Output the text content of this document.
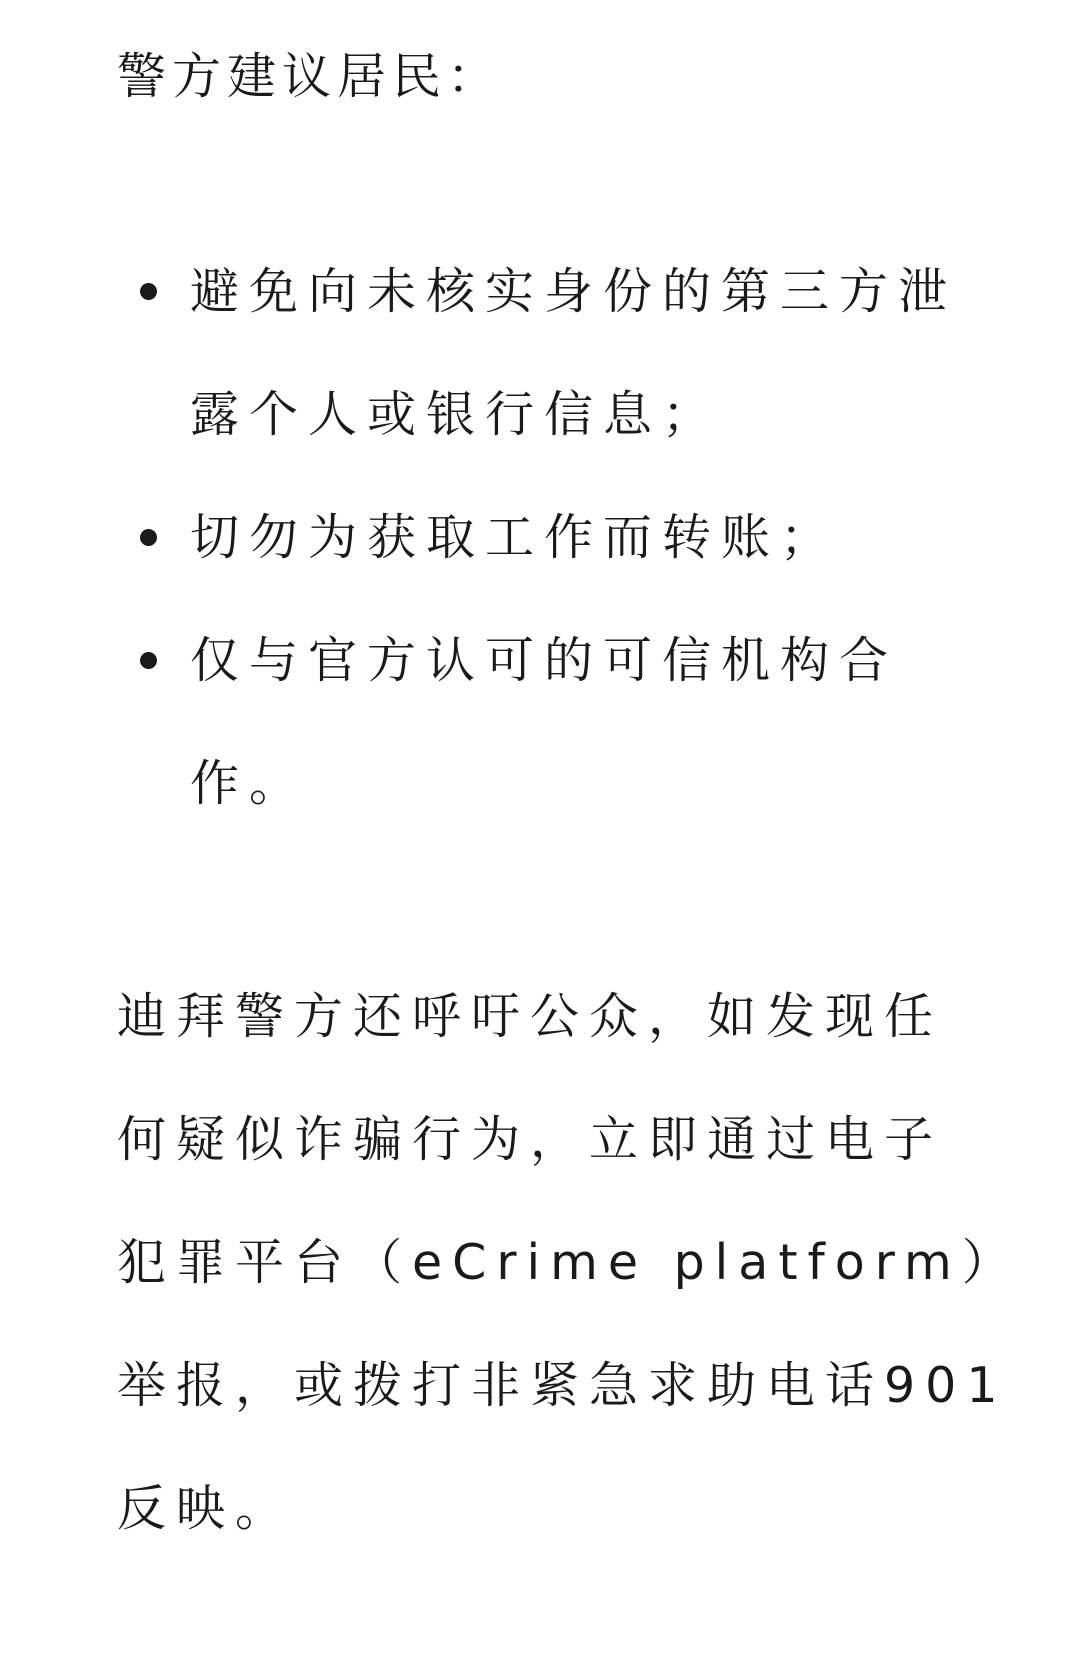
警方建议居民：

避免向未核实身份的第三方泄
露个人或银行信息；
切勿为获取工作而转账；
仅与官方认可的可信机构合
作。

迪拜警方还呼吁公众，如发现任
何疑似诈骗行为，立即通过电子
犯罪平台（eCrime platform）
举报，或拨打非紧急求助电话901
反映。
